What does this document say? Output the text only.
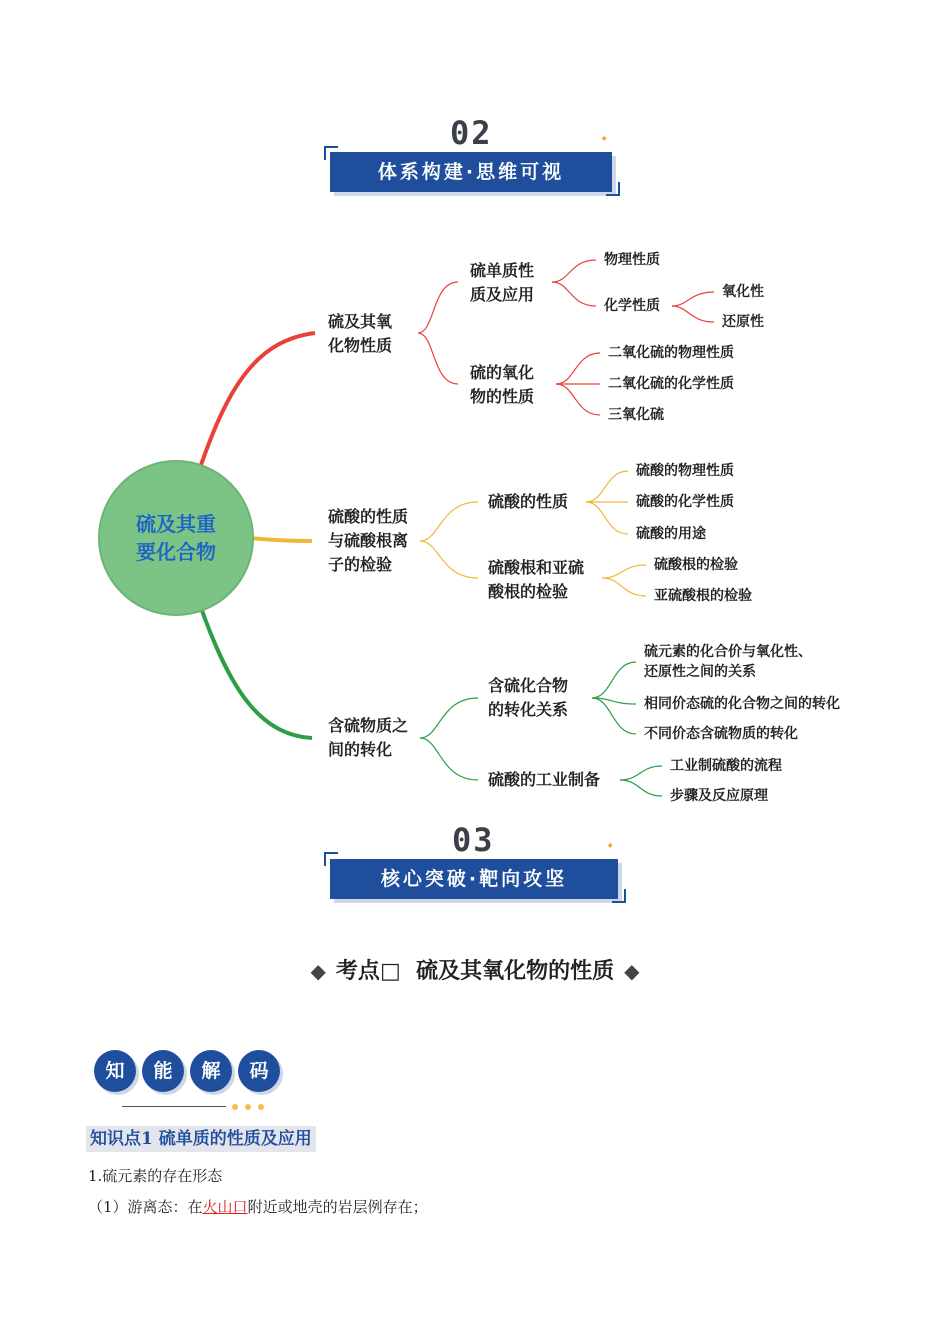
02	✦
体系构建·思维可视
硫及其重
要化合物
硫及其氧
化物性质
硫单质性
质及应用
物理性质
化学性质
氧化性
还原性
硫的氧化
物的性质
二氧化硫的物理性质
二氧化硫的化学性质
三氧化硫
硫酸的性质
与硫酸根离
子的检验
硫酸的性质
硫酸的物理性质
硫酸的化学性质
硫酸的用途
硫酸根和亚硫
酸根的检验
硫酸根的检验
亚硫酸根的检验
含硫物质之
间的转化
含硫化合物
的转化关系
硫元素的化合价与氧化性、
还原性之间的关系
相同价态硫的化合物之间的转化
不同价态含硫物质的转化
硫酸的工业制备
工业制硫酸的流程
步骤及反应原理
03	✦
核心突破·靶向攻坚
◆ 考点□ 硫及其氧化物的性质 ◆
知	能	解	码
知识点1 硫单质的性质及应用
1.硫元素的存在形态
（1）游离态：在火山口附近或地壳的岩层例存在；
